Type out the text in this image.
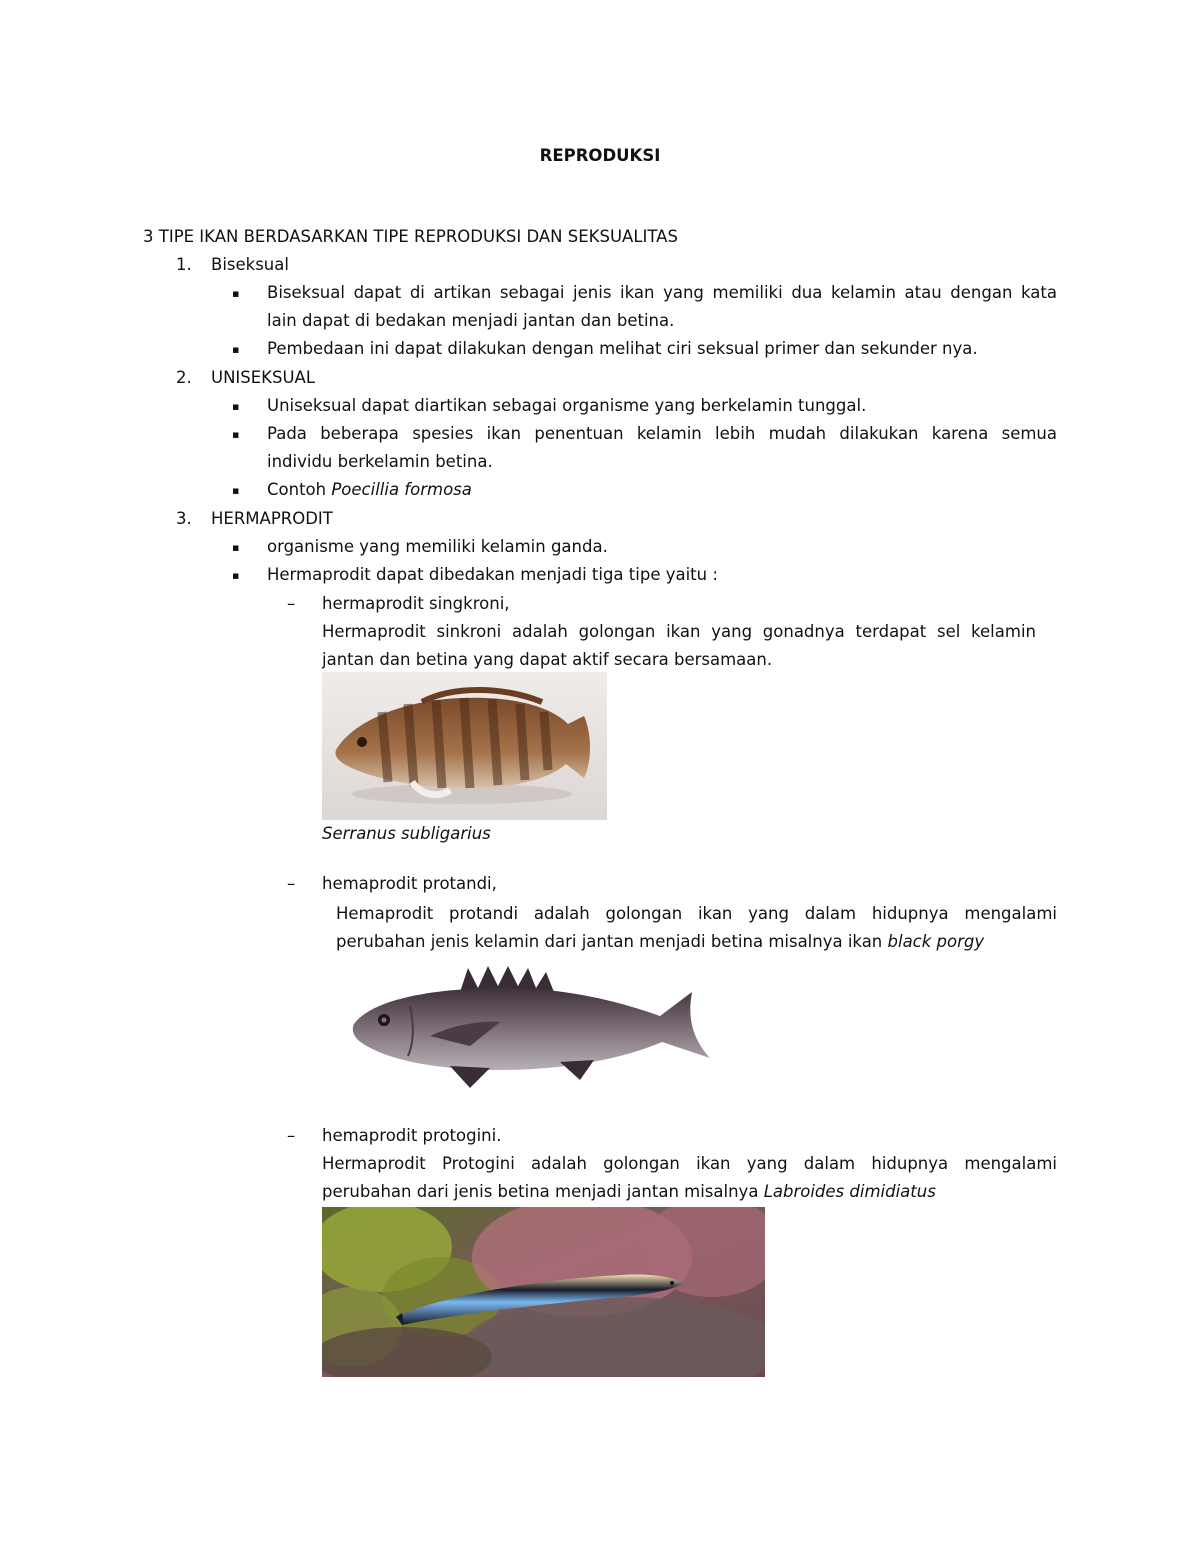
REPRODUKSI
3 TIPE IKAN BERDASARKAN TIPE REPRODUKSI DAN SEKSUALITAS
1. Biseksual
▪ Biseksual dapat di artikan sebagai jenis ikan yang memiliki dua kelamin atau dengan kata
lain dapat di bedakan menjadi jantan dan betina.
▪ Pembedaan ini dapat dilakukan dengan melihat ciri seksual primer dan sekunder nya.
2. UNISEKSUAL
▪ Uniseksual dapat diartikan sebagai organisme yang berkelamin tunggal.
▪ Pada beberapa spesies ikan penentuan kelamin lebih mudah dilakukan karena semua
individu berkelamin betina.
▪ Contoh Poecillia formosa
3. HERMAPRODIT
▪ organisme yang memiliki kelamin ganda.
▪ Hermaprodit dapat dibedakan menjadi tiga tipe yaitu :
– hermaprodit singkroni,
Hermaprodit sinkroni adalah golongan ikan yang gonadnya terdapat sel kelamin
jantan dan betina yang dapat aktif secara bersamaan.
Serranus subligarius
– hemaprodit protandi,
Hemaprodit protandi adalah golongan ikan yang dalam hidupnya mengalami
perubahan jenis kelamin dari jantan menjadi betina misalnya ikan black porgy
– hemaprodit protogini.
Hermaprodit Protogini adalah golongan ikan yang dalam hidupnya mengalami
perubahan dari jenis betina menjadi jantan misalnya Labroides dimidiatus
